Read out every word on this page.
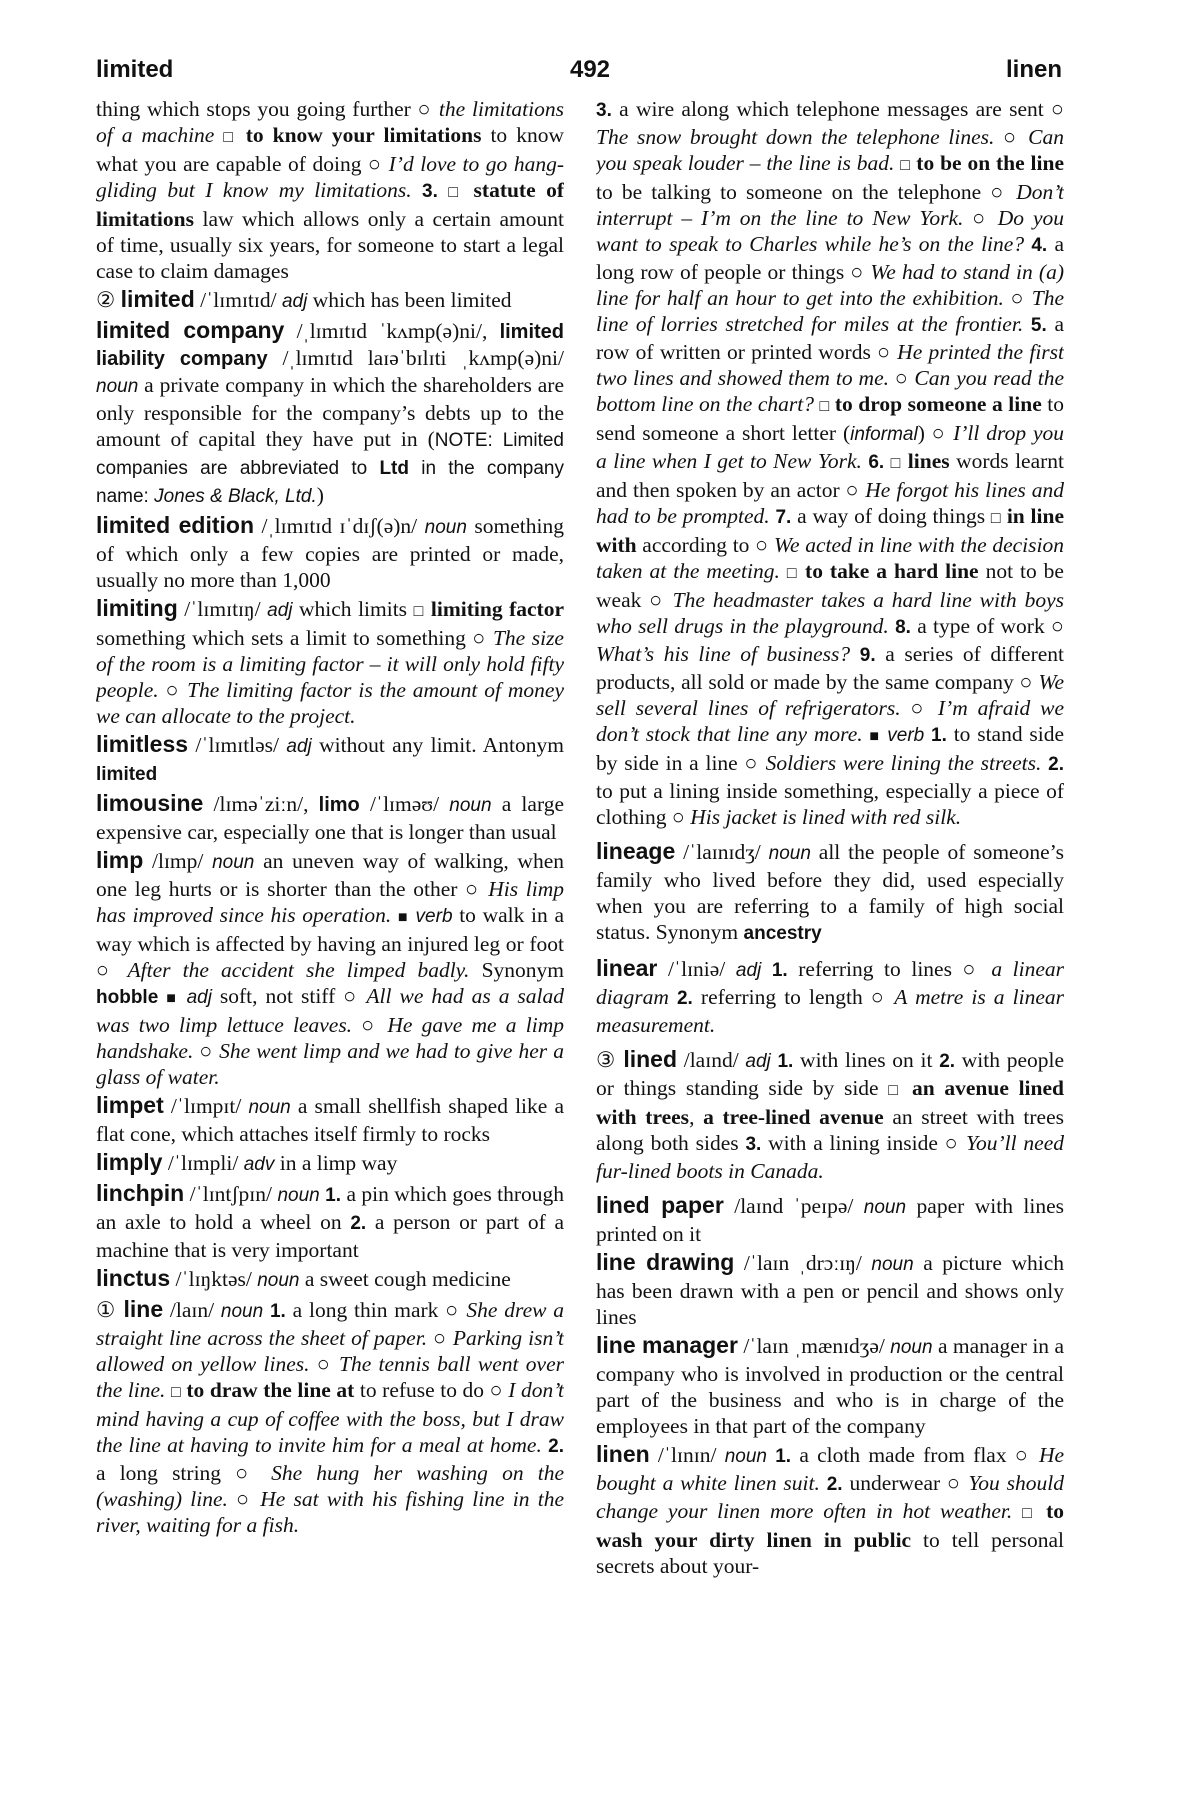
492
limited	linen
thing which stops you going further ○ the limitations of a machine □ to know your limitations to know what you are capable of doing ○ I’d love to go hang-gliding but I know my limitations. 3. □ statute of limitations law which allows only a certain amount of time, usually six years, for someone to start a legal case to claim damages
② limited /ˈlɪmɪtɪd/ adj which has been limited
limited company /ˌlɪmɪtɪd ˈkʌmp(ə)ni/, limited liability company /ˌlɪmɪtɪd laɪəˈbɪlɪti ˌkʌmp(ə)ni/ noun a private company in which the shareholders are only responsible for the company’s debts up to the amount of capital they have put in (NOTE: Limited companies are abbreviated to Ltd in the company name: Jones & Black, Ltd.)
limited edition /ˌlɪmɪtɪd ɪˈdɪʃ(ə)n/ noun something of which only a few copies are printed or made, usually no more than 1,000
limiting /ˈlɪmɪtɪŋ/ adj which limits □ limiting factor something which sets a limit to something ○ The size of the room is a limiting factor – it will only hold fifty people. ○ The limiting factor is the amount of money we can allocate to the project.
limitless /ˈlɪmɪtləs/ adj without any limit. Antonym limited
limousine /lɪməˈziːn/, limo /ˈlɪməʊ/ noun a large expensive car, especially one that is longer than usual
limp /lɪmp/ noun an uneven way of walking, when one leg hurts or is shorter than the other ○ His limp has improved since his operation. ■ verb to walk in a way which is affected by having an injured leg or foot ○ After the accident she limped badly. Synonym hobble ■ adj soft, not stiff ○ All we had as a salad was two limp lettuce leaves. ○ He gave me a limp handshake. ○ She went limp and we had to give her a glass of water.
limpet /ˈlɪmpɪt/ noun a small shellfish shaped like a flat cone, which attaches itself firmly to rocks
limply /ˈlɪmpli/ adv in a limp way
linchpin /ˈlɪntʃpɪn/ noun 1. a pin which goes through an axle to hold a wheel on 2. a person or part of a machine that is very important
linctus /ˈlɪŋktəs/ noun a sweet cough medicine
① line /laɪn/ noun 1. a long thin mark ○ She drew a straight line across the sheet of paper. ○ Parking isn’t allowed on yellow lines. ○ The tennis ball went over the line. □ to draw the line at to refuse to do ○ I don’t mind having a cup of coffee with the boss, but I draw the line at having to invite him for a meal at home. 2. a long string ○ She hung her washing on the (washing) line. ○ He sat with his fishing line in the river, waiting for a fish.
3. a wire along which telephone messages are sent ○ The snow brought down the telephone lines. ○ Can you speak louder – the line is bad. □ to be on the line to be talking to someone on the telephone ○ Don’t interrupt – I’m on the line to New York. ○ Do you want to speak to Charles while he’s on the line? 4. a long row of people or things ○ We had to stand in (a) line for half an hour to get into the exhibition. ○ The line of lorries stretched for miles at the frontier. 5. a row of written or printed words ○ He printed the first two lines and showed them to me. ○ Can you read the bottom line on the chart? □ to drop someone a line to send someone a short letter (informal) ○ I’ll drop you a line when I get to New York. 6. □ lines words learnt and then spoken by an actor ○ He forgot his lines and had to be prompted. 7. a way of doing things □ in line with according to ○ We acted in line with the decision taken at the meeting. □ to take a hard line not to be weak ○ The headmaster takes a hard line with boys who sell drugs in the playground. 8. a type of work ○ What’s his line of business? 9. a series of different products, all sold or made by the same company ○ We sell several lines of refrigerators. ○ I’m afraid we don’t stock that line any more. ■ verb 1. to stand side by side in a line ○ Soldiers were lining the streets. 2. to put a lining inside something, especially a piece of clothing ○ His jacket is lined with red silk.
lineage /ˈlaɪnɪdʒ/ noun all the people of someone’s family who lived before they did, used especially when you are referring to a family of high social status. Synonym ancestry
linear /ˈlɪniə/ adj 1. referring to lines ○ a linear diagram 2. referring to length ○ A metre is a linear measurement.
③ lined /laɪnd/ adj 1. with lines on it 2. with people or things standing side by side □ an avenue lined with trees, a tree-lined avenue an street with trees along both sides 3. with a lining inside ○ You’ll need fur-lined boots in Canada.
lined paper /laɪnd ˈpeɪpə/ noun paper with lines printed on it
line drawing /ˈlaɪn ˌdrɔːɪŋ/ noun a picture which has been drawn with a pen or pencil and shows only lines
line manager /ˈlaɪn ˌmænɪdʒə/ noun a manager in a company who is involved in production or the central part of the business and who is in charge of the employees in that part of the company
linen /ˈlɪnɪn/ noun 1. a cloth made from flax ○ He bought a white linen suit. 2. underwear ○ You should change your linen more often in hot weather. □ to wash your dirty linen in public to tell personal secrets about your-
